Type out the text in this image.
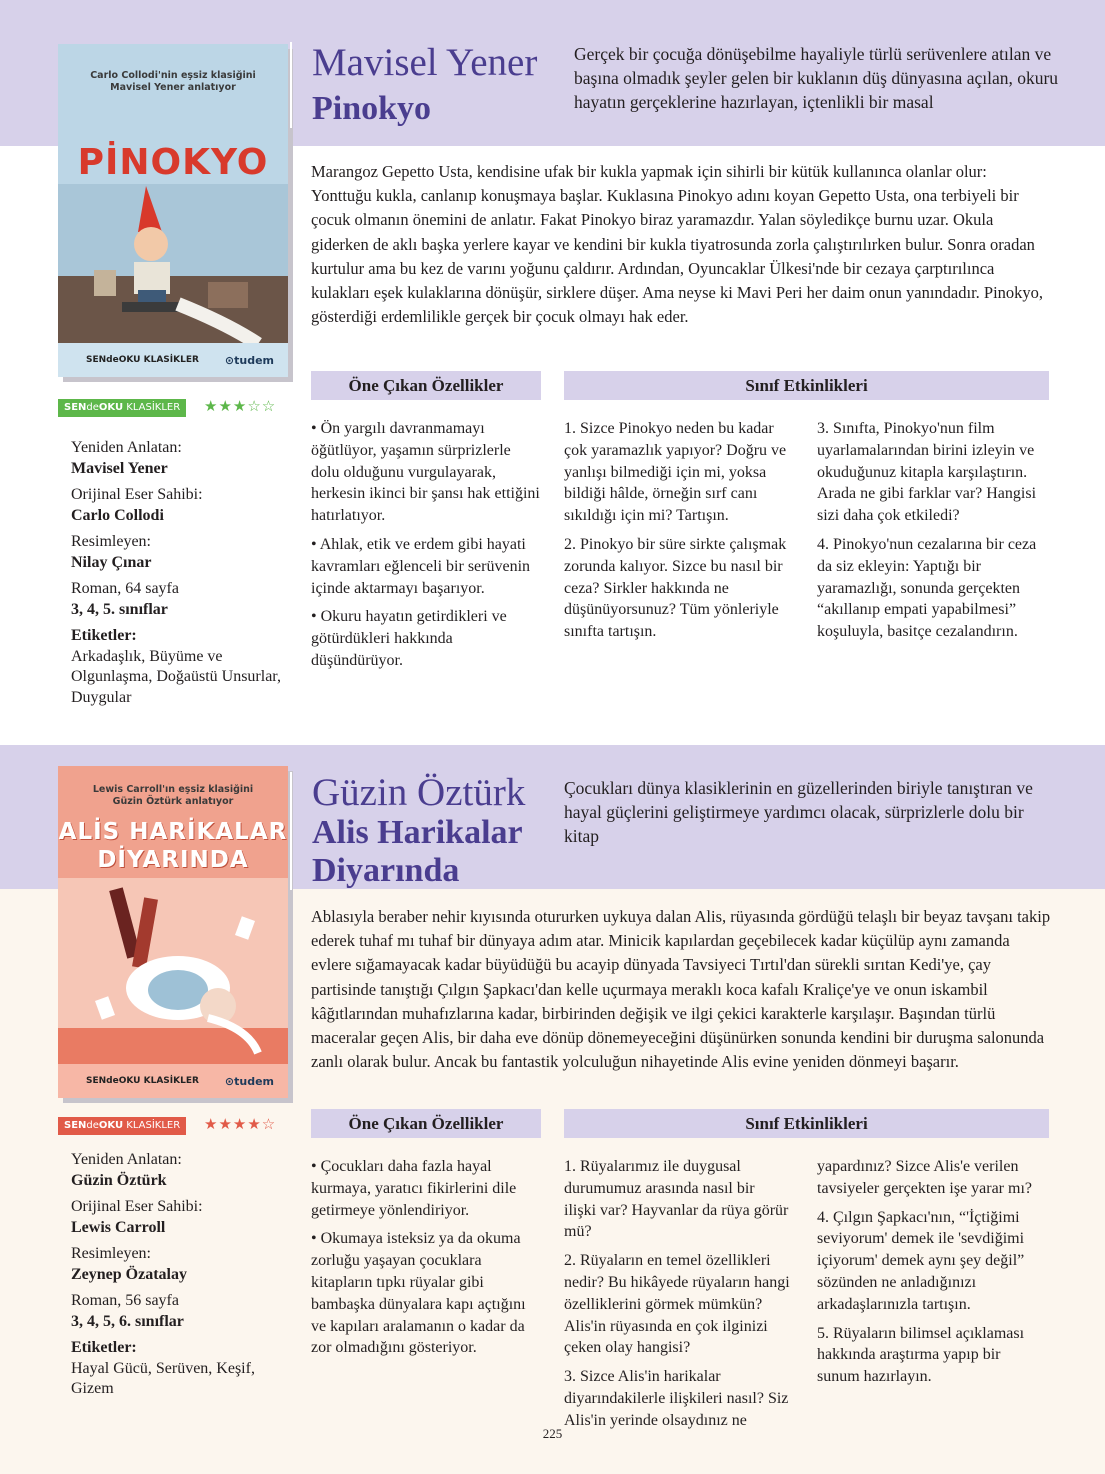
Carlo Collodi'nin eşsiz klasiğini
Mavisel Yener anlatıyor
PİNOKYO
SENdeOKU KLASİKLER ⊙tudem
SENdeOKU KLASİKLER	★★★☆☆

Yeniden Anlatan:
Mavisel Yener

Orijinal Eser Sahibi:
Carlo Collodi

Resimleyen:
Nilay Çınar

Roman, 64 sayfa
3, 4, 5. sınıflar

Etiketler:
Arkadaşlık, Büyüme ve Olgunlaşma, Doğaüstü Unsurlar, Duygular

Mavisel Yener
Pinokyo
Gerçek bir çocuğa dönüşebilme hayaliyle türlü serüvenlere atılan ve başına olmadık şeyler gelen bir kuklanın düş dünyasına açılan, okuru hayatın gerçeklerine hazırlayan, içtenlikli bir masal
Marangoz Gepetto Usta, kendisine ufak bir kukla yapmak için sihirli bir kütük kullanınca olanlar olur: Yonttuğu kukla, canlanıp konuşmaya başlar. Kuklasına Pinokyo adını koyan Gepetto Usta, ona terbiyeli bir çocuk olmanın önemini de anlatır. Fakat Pinokyo biraz yaramazdır. Yalan söyledikçe burnu uzar. Okula giderken de aklı başka yerlere kayar ve kendini bir kukla tiyatrosunda zorla çalıştırılırken bulur. Sonra oradan kurtulur ama bu kez de varını yoğunu çaldırır. Ardından, Oyuncaklar Ülkesi'nde bir cezaya çarptırılınca kulakları eşek kulaklarına dönüşür, sirklere düşer. Ama neyse ki Mavi Peri her daim onun yanındadır. Pinokyo, gösterdiği erdemlilikle gerçek bir çocuk olmayı hak eder.
Öne Çıkan Özellikler	Sınıf Etkinlikleri

• Ön yargılı davranmamayı öğütlüyor, yaşamın sürprizlerle dolu olduğunu vurgulayarak, herkesin ikinci bir şansı hak ettiğini hatırlatıyor.

• Ahlak, etik ve erdem gibi hayati kavramları eğlenceli bir serüvenin içinde aktarmayı başarıyor.

• Okuru hayatın getirdikleri ve götürdükleri hakkında düşündürüyor.

1. Sizce Pinokyo neden bu kadar çok yaramazlık yapıyor? Doğru ve yanlışı bilmediği için mi, yoksa bildiği hâlde, örneğin sırf canı sıkıldığı için mi? Tartışın.

2. Pinokyo bir süre sirkte çalışmak zorunda kalıyor. Sizce bu nasıl bir ceza? Sirkler hakkında ne düşünüyorsunuz? Tüm yönleriyle sınıfta tartışın.

3. Sınıfta, Pinokyo'nun film uyarlamalarından birini izleyin ve okuduğunuz kitapla karşılaştırın. Arada ne gibi farklar var? Hangisi sizi daha çok etkiledi?

4. Pinokyo'nun cezalarına bir ceza da siz ekleyin: Yaptığı bir yaramazlığı, sonunda gerçekten “akıllanıp empati yapabilmesi” koşuluyla, basitçe cezalandırın.

Lewis Carroll'ın eşsiz klasiğini
Güzin Öztürk anlatıyor
ALİS HARİKALAR
DİYARINDA
SENdeOKU KLASİKLER ⊙tudem
SENdeOKU KLASİKLER	★★★★☆

Yeniden Anlatan:
Güzin Öztürk

Orijinal Eser Sahibi:
Lewis Carroll

Resimleyen:
Zeynep Özatalay

Roman, 56 sayfa
3, 4, 5, 6. sınıflar

Etiketler:
Hayal Gücü, Serüven, Keşif, Gizem

Güzin Öztürk
Alis Harikalar
Diyarında
Çocukları dünya klasiklerinin en güzellerinden biriyle tanıştıran ve hayal güçlerini geliştirmeye yardımcı olacak, sürprizlerle dolu bir kitap
Ablasıyla beraber nehir kıyısında otururken uykuya dalan Alis, rüyasında gördüğü telaşlı bir beyaz tavşanı takip ederek tuhaf mı tuhaf bir dünyaya adım atar. Minicik kapılardan geçebilecek kadar küçülüp aynı zamanda evlere sığamayacak kadar büyüdüğü bu acayip dünyada Tavsiyeci Tırtıl'dan sürekli sırıtan Kedi'ye, çay partisinde tanıştığı Çılgın Şapkacı'dan kelle uçurmaya meraklı koca kafalı Kraliçe'ye ve onun iskambil kâğıtlarından muhafızlarına kadar, birbirinden değişik ve ilgi çekici karakterle karşılaşır. Başından türlü maceralar geçen Alis, bir daha eve dönüp dönemeyeceğini düşünürken sonunda kendini bir duruşma salonunda zanlı olarak bulur. Ancak bu fantastik yolculuğun nihayetinde Alis evine yeniden dönmeyi başarır.
Öne Çıkan Özellikler	Sınıf Etkinlikleri

• Çocukları daha fazla hayal kurmaya, yaratıcı fikirlerini dile getirmeye yönlendiriyor.

• Okumaya isteksiz ya da okuma zorluğu yaşayan çocuklara kitapların tıpkı rüyalar gibi bambaşka dünyalara kapı açtığını ve kapıları aralamanın o kadar da zor olmadığını gösteriyor.

1. Rüyalarımız ile duygusal durumumuz arasında nasıl bir ilişki var? Hayvanlar da rüya görür mü?

2. Rüyaların en temel özellikleri nedir? Bu hikâyede rüyaların hangi özelliklerini görmek mümkün? Alis'in rüyasında en çok ilginizi çeken olay hangisi?

3. Sizce Alis'in harikalar diyarındakilerle ilişkileri nasıl? Siz Alis'in yerinde olsaydınız ne

yapardınız? Sizce Alis'e verilen tavsiyeler gerçekten işe yarar mı?

4. Çılgın Şapkacı'nın, “'İçtiğimi seviyorum' demek ile 'sevdiğimi içiyorum' demek aynı şey değil” sözünden ne anladığınızı arkadaşlarınızla tartışın.

5. Rüyaların bilimsel açıklaması hakkında araştırma yapıp bir sunum hazırlayın.

225
